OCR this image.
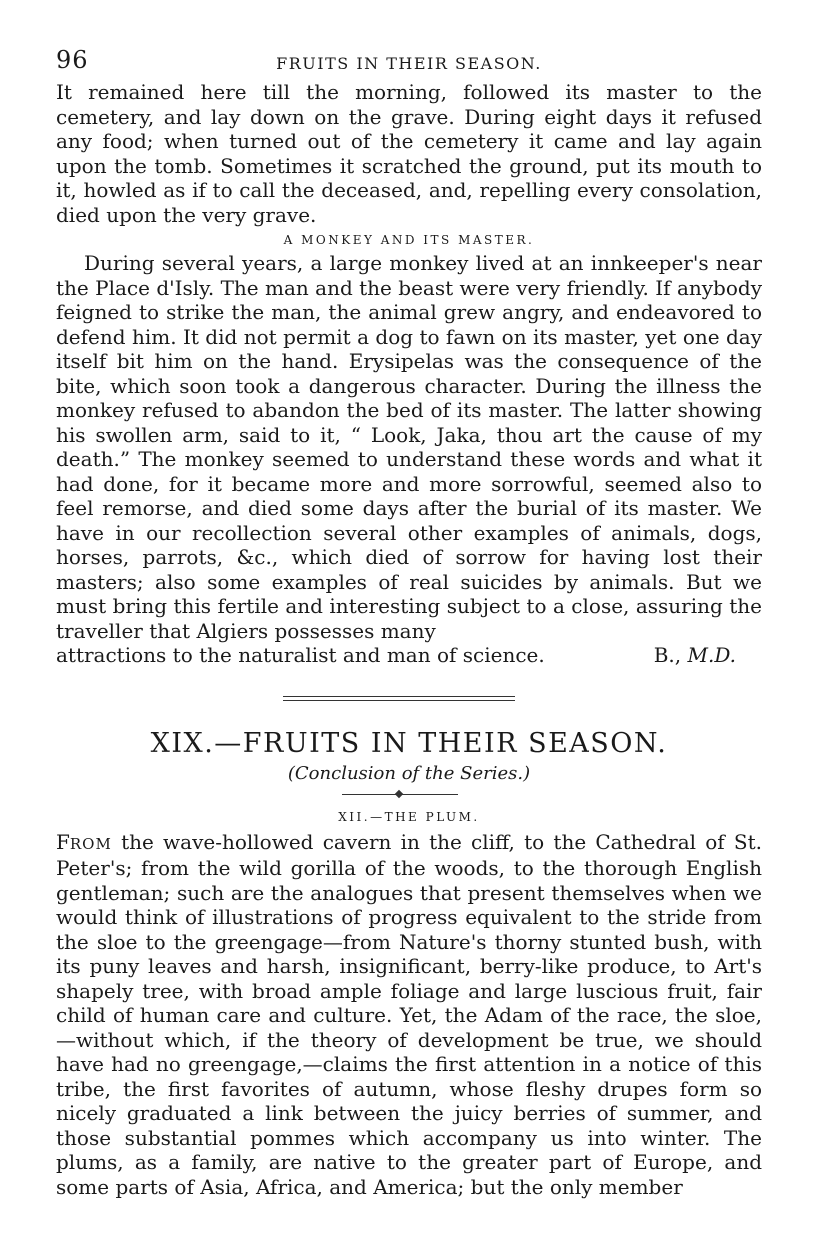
96	FRUITS IN THEIR SEASON.

It remained here till the morning, followed its master to the cemetery, and lay down on the grave. During eight days it refused any food; when turned out of the cemetery it came and lay again upon the tomb. Sometimes it scratched the ground, put its mouth to it, howled as if to call the deceased, and, repelling every consolation, died upon the very grave.

A MONKEY AND ITS MASTER.

During several years, a large monkey lived at an innkeeper's near the Place d'Isly. The man and the beast were very friendly. If anybody feigned to strike the man, the animal grew angry, and endeavored to defend him. It did not permit a dog to fawn on its master, yet one day itself bit him on the hand. Erysipelas was the consequence of the bite, which soon took a dangerous character. During the illness the monkey refused to abandon the bed of its master. The latter showing his swollen arm, said to it, “ Look, Jaka, thou art the cause of my death.” The monkey seemed to understand these words and what it had done, for it became more and more sorrowful, seemed also to feel remorse, and died some days after the burial of its master. We have in our recollection several other examples of animals, dogs, horses, parrots, &c., which died of sorrow for having lost their masters; also some examples of real suicides by animals. But we must bring this fertile and interesting subject to a close, assuring the traveller that Algiers possesses many

attractions to the naturalist and man of science.	B., M.D.
XIX.—FRUITS IN THEIR SEASON.
(Conclusion of the Series.)
XII.—THE PLUM.

FROM the wave-hollowed cavern in the cliff, to the Cathedral of St. Peter's; from the wild gorilla of the woods, to the thorough English gentleman; such are the analogues that present themselves when we would think of illustrations of progress equivalent to the stride from the sloe to the greengage—from Nature's thorny stunted bush, with its puny leaves and harsh, insignificant, berry-like produce, to Art's shapely tree, with broad ample foliage and large luscious fruit, fair child of human care and culture. Yet, the Adam of the race, the sloe,—without which, if the theory of development be true, we should have had no greengage,—claims the first attention in a notice of this tribe, the first favorites of autumn, whose fleshy drupes form so nicely graduated a link between the juicy berries of summer, and those substantial pommes which accompany us into winter. The plums, as a family, are native to the greater part of Europe, and some parts of Asia, Africa, and America; but the only member
